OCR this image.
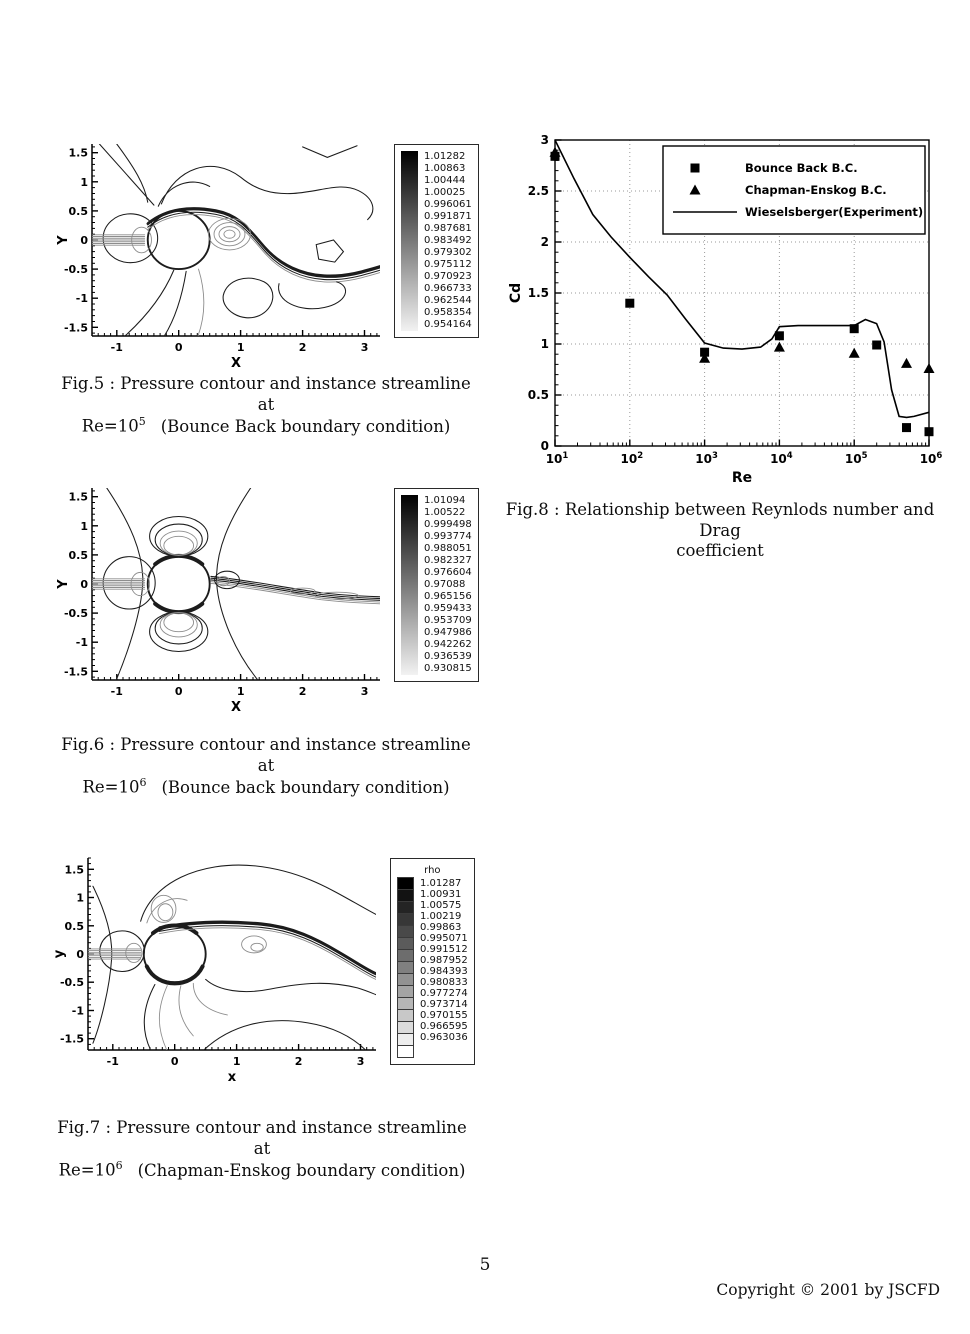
-1.5
-1
-0.5
0
0.5
1
1.5
-1	0	1	2	3
Y
X
1.01282
1.00863
1.00444
1.00025
0.996061
0.991871
0.987681
0.983492
0.979302
0.975112
0.970923
0.966733
0.962544
0.958354
0.954164
Fig.5 : Pressure contour and instance streamline at
$Re=10^5$ (Bounce Back boundary condition)
0
0.5
1
1.5
2
2.5
3
$10^1$	$10^2$	$10^3$	$10^4$	$10^5$	$10^6$
Cd
Re
Bounce Back B.C.
Chapman-Enskog B.C.
Wieselsberger(Experiment)
Fig.8 : Relationship between Reynlods number and Drag
coefficient
-1.5
-1
-0.5
0
0.5
1
1.5
-1	0	1	2	3
Y
X
1.01094
1.00522
0.999498
0.993774
0.988051
0.982327
0.976604
0.97088
0.965156
0.959433
0.953709
0.947986
0.942262
0.936539
0.930815
Fig.6 : Pressure contour and instance streamline at
$Re=10^6$ (Bounce back boundary condition)
-1.5
-1
-0.5
0
0.5
1
1.5
-1	0	1	2	3
y
x
rho
1.01287
1.00931
1.00575
1.00219
0.99863
0.995071
0.991512
0.987952
0.984393
0.980833
0.977274
0.973714
0.970155
0.966595
0.963036
Fig.7 : Pressure contour and instance streamline at
$Re=10^6$ (Chapman-Enskog boundary condition)
5
Copyright © 2001 by JSCFD
